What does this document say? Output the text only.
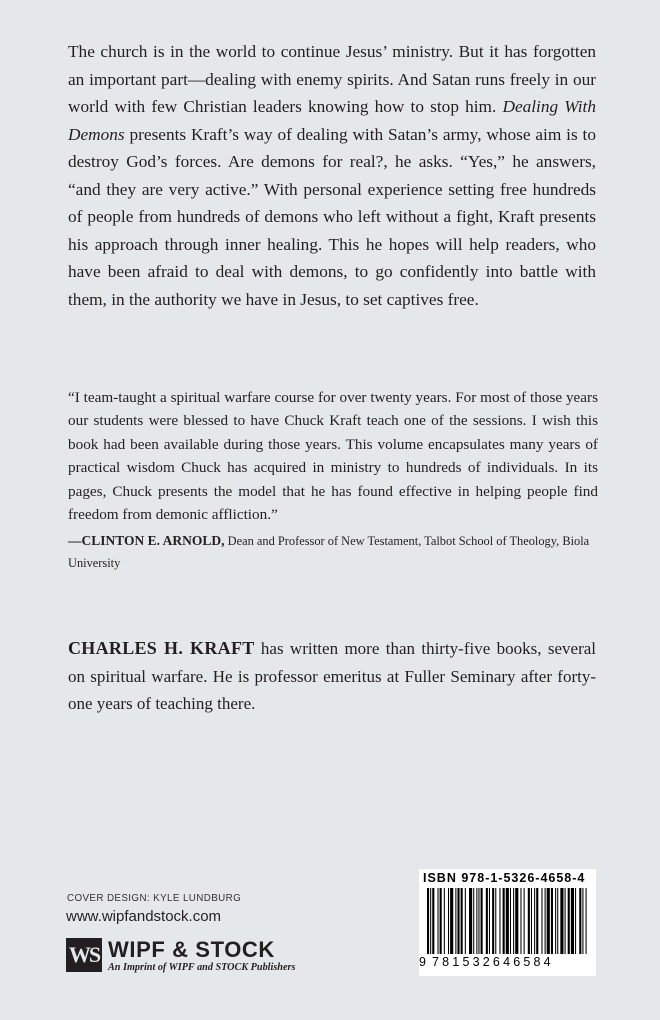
The church is in the world to continue Jesus’ ministry. But it has forgotten an important part—dealing with enemy spirits. And Satan runs freely in our world with few Christian leaders knowing how to stop him. Dealing With Demons presents Kraft’s way of dealing with Satan’s army, whose aim is to destroy God’s forces. Are demons for real?, he asks. “Yes,” he answers, “and they are very active.” With personal experience setting free hundreds of people from hundreds of demons who left without a fight, Kraft presents his approach through inner healing. This he hopes will help readers, who have been afraid to deal with demons, to go confidently into battle with them, in the authority we have in Jesus, to set captives free.

“I team-taught a spiritual warfare course for over twenty years. For most of those years our students were blessed to have Chuck Kraft teach one of the sessions. I wish this book had been available during those years. This volume encapsulates many years of practical wisdom Chuck has acquired in ministry to hundreds of individuals. In its pages, Chuck presents the model that he has found effective in helping people find freedom from demonic affliction.”

—CLINTON E. ARNOLD, Dean and Professor of New Testament, Talbot School of Theology, Biola University

CHARLES H. KRAFT has written more than thirty-five books, several on spiritual warfare. He is professor emeritus at Fuller Seminary after forty-one years of teaching there.

COVER DESIGN: KYLE LUNDBURG
www.wipfandstock.com
WS WIPF & STOCK
An Imprint of WIPF and STOCK Publishers
ISBN 978-1-5326-4658-4
9 781532646584
